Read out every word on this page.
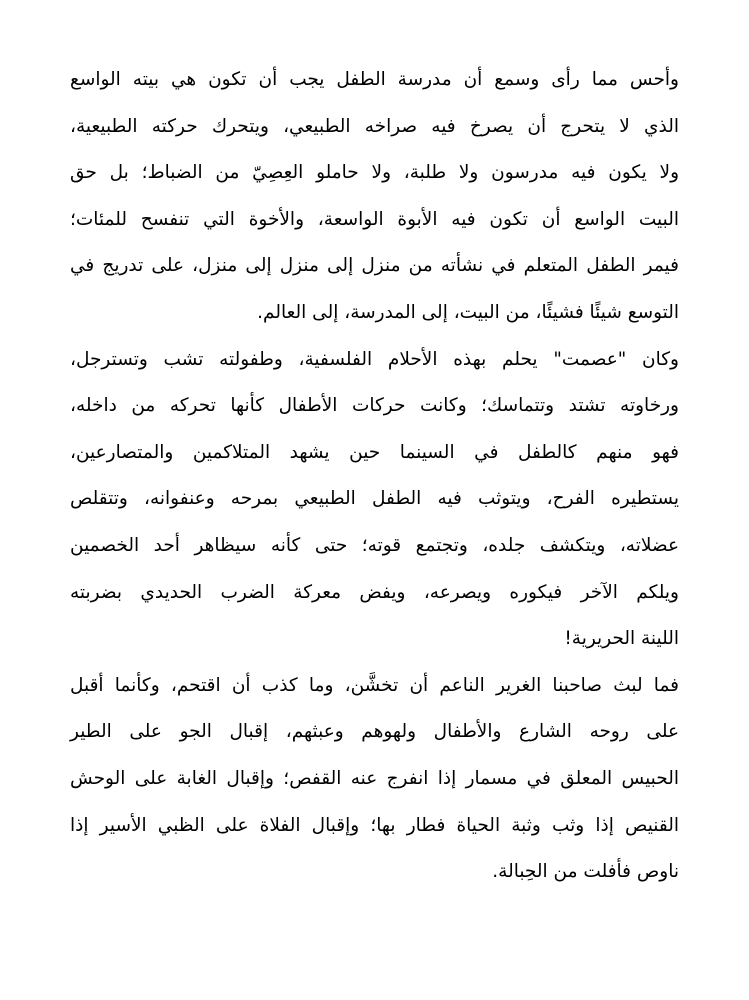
وأحس مما رأى وسمع أن مدرسة الطفل يجب أن تكون هي بيته الواسع
الذي لا يتحرج أن يصرخ فيه صراخه الطبيعي، ويتحرك حركته الطبيعية،
ولا يكون فيه مدرسون ولا طلبة، ولا حاملو العِصِيّ من الضباط؛ بل حق
البيت الواسع أن تكون فيه الأبوة الواسعة، والأخوة التي تنفسح للمئات؛
فيمر الطفل المتعلم في نشأته من منزل إلى منزل إلى منزل، على تدريج في
التوسع شيئًا فشيئًا، من البيت، إلى المدرسة، إلى العالم.
وكان "عصمت" يحلم بهذه الأحلام الفلسفية، وطفولته تشب وتسترجل،
ورخاوته تشتد وتتماسك؛ وكانت حركات الأطفال كأنها تحركه من داخله،
فهو منهم كالطفل في السينما حين يشهد المتلاكمين والمتصارعين،
يستطيره الفرح، ويتوثب فيه الطفل الطبيعي بمرحه وعنفوانه، وتتقلص
عضلاته، ويتكشف جلده، وتجتمع قوته؛ حتى كأنه سيظاهر أحد الخصمين
ويلكم الآخر فيكوره ويصرعه، ويفض معركة الضرب الحديدي بضربته
اللينة الحريرية!
فما لبث صاحبنا الغرير الناعم أن تخشَّن، وما كذب أن اقتحم، وكأنما أقبل
على روحه الشارع والأطفال ولهوهم وعبثهم، إقبال الجو على الطير
الحبيس المعلق في مسمار إذا انفرج عنه القفص؛ وإقبال الغابة على الوحش
القنيص إذا وثب وثبة الحياة فطار بها؛ وإقبال الفلاة على الظبي الأسير إذا
ناوص فأفلت من الحِبالة.
